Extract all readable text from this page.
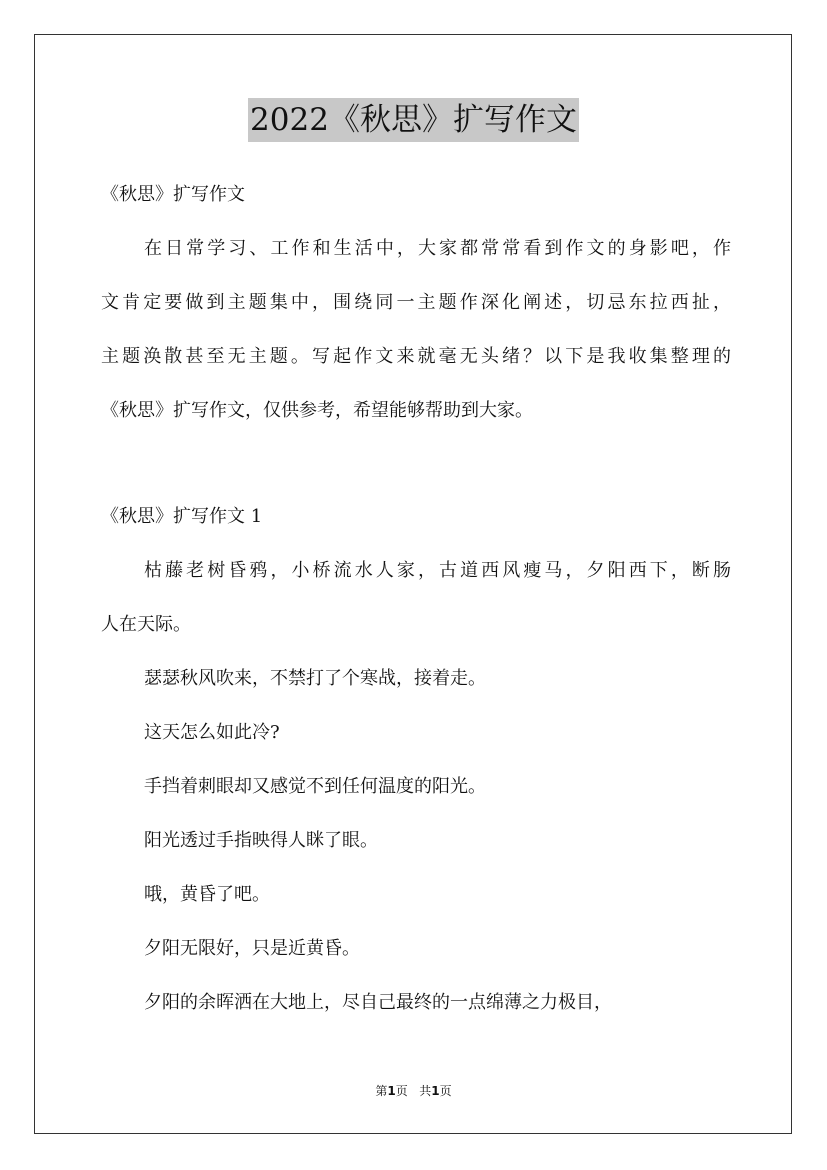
2022《秋思》扩写作文

《秋思》扩写作文

在日常学习、工作和生活中，大家都常常看到作文的身影吧，作

文肯定要做到主题集中，围绕同一主题作深化阐述，切忌东拉西扯，

主题涣散甚至无主题。写起作文来就毫无头绪？以下是我收集整理的

《秋思》扩写作文，仅供参考，希望能够帮助到大家。

《秋思》扩写作文 1

枯藤老树昏鸦，小桥流水人家，古道西风瘦马，夕阳西下，断肠

人在天际。

瑟瑟秋风吹来，不禁打了个寒战，接着走。

这天怎么如此冷?

手挡着刺眼却又感觉不到任何温度的阳光。

阳光透过手指映得人眯了眼。

哦，黄昏了吧。

夕阳无限好，只是近黄昏。

夕阳的余晖洒在大地上，尽自己最终的一点绵薄之力极目，

第1页 共1页
